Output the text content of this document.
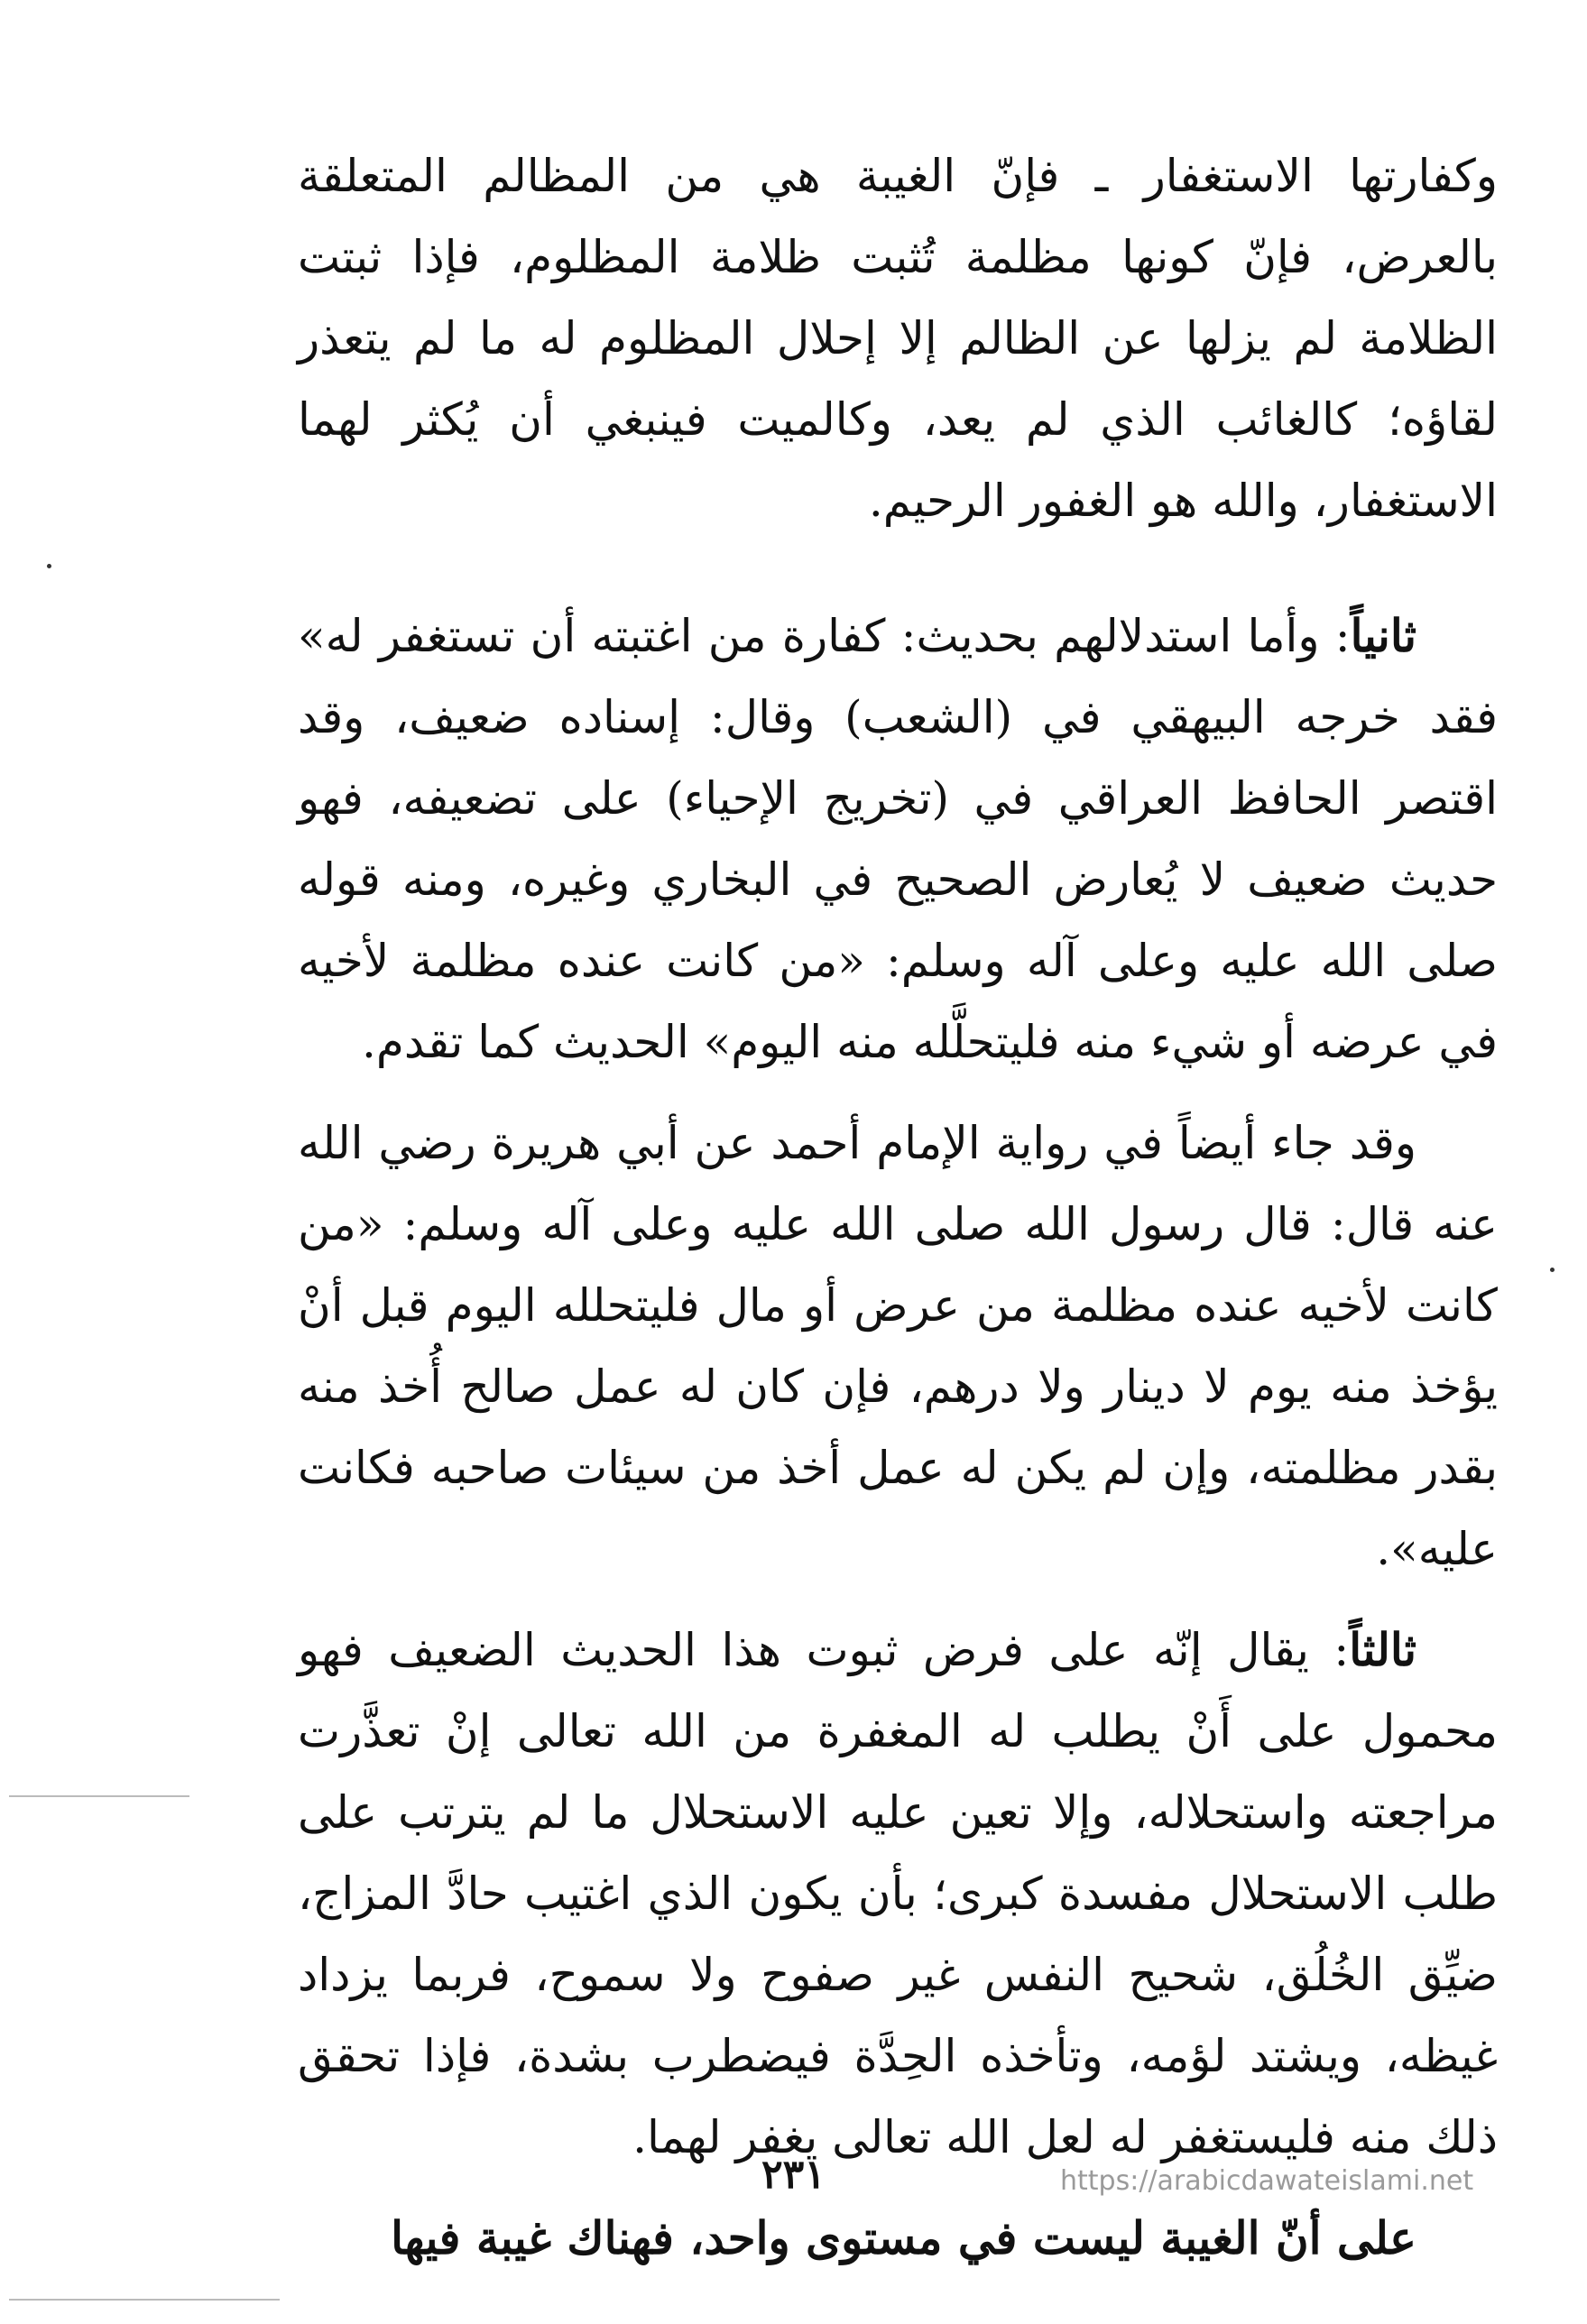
وكفارتها الاستغفار ـ فإنّ الغيبة هي من المظالم المتعلقة بالعرض، فإنّ كونها مظلمة تُثبت ظلامة المظلوم، فإذا ثبتت الظلامة لم يزلها عن الظالم إلا إحلال المظلوم له ما لم يتعذر لقاؤه؛ كالغائب الذي لم يعد، وكالميت فينبغي أن يُكثر لهما الاستغفار، والله هو الغفور الرحيم.

ثانياً: وأما استدلالهم بحديث: كفارة من اغتبته أن تستغفر له» فقد خرجه البيهقي في (الشعب) وقال: إسناده ضعيف، وقد اقتصر الحافظ العراقي في (تخريج الإحياء) على تضعيفه، فهو حديث ضعيف لا يُعارض الصحيح في البخاري وغيره، ومنه قوله صلى الله عليه وعلى آله وسلم: «من كانت عنده مظلمة لأخيه في عرضه أو شيء منه فليتحلَّله منه اليوم» الحديث كما تقدم.

وقد جاء أيضاً في رواية الإمام أحمد عن أبي هريرة رضي الله عنه قال: قال رسول الله صلى الله عليه وعلى آله وسلم: «من كانت لأخيه عنده مظلمة من عرض أو مال فليتحلله اليوم قبل أنْ يؤخذ منه يوم لا دينار ولا درهم، فإن كان له عمل صالح أُخذ منه بقدر مظلمته، وإن لم يكن له عمل أخذ من سيئات صاحبه فكانت عليه».

ثالثاً: يقال إنّه على فرض ثبوت هذا الحديث الضعيف فهو محمول على أَنْ يطلب له المغفرة من الله تعالى إنْ تعذَّرت مراجعته واستحلاله، وإلا تعين عليه الاستحلال ما لم يترتب على طلب الاستحلال مفسدة كبرى؛ بأن يكون الذي اغتيب حادَّ المزاج، ضيِّق الخُلُق، شحيح النفس غير صفوح ولا سموح، فربما يزداد غيظه، ويشتد لؤمه، وتأخذه الحِدَّة فيضطرب بشدة، فإذا تحقق ذلك منه فليستغفر له لعل الله تعالى يغفر لهما.

على أنّ الغيبة ليست في مستوى واحد، فهناك غيبة فيها

٢٣١	https://arabicdawateislami.net
